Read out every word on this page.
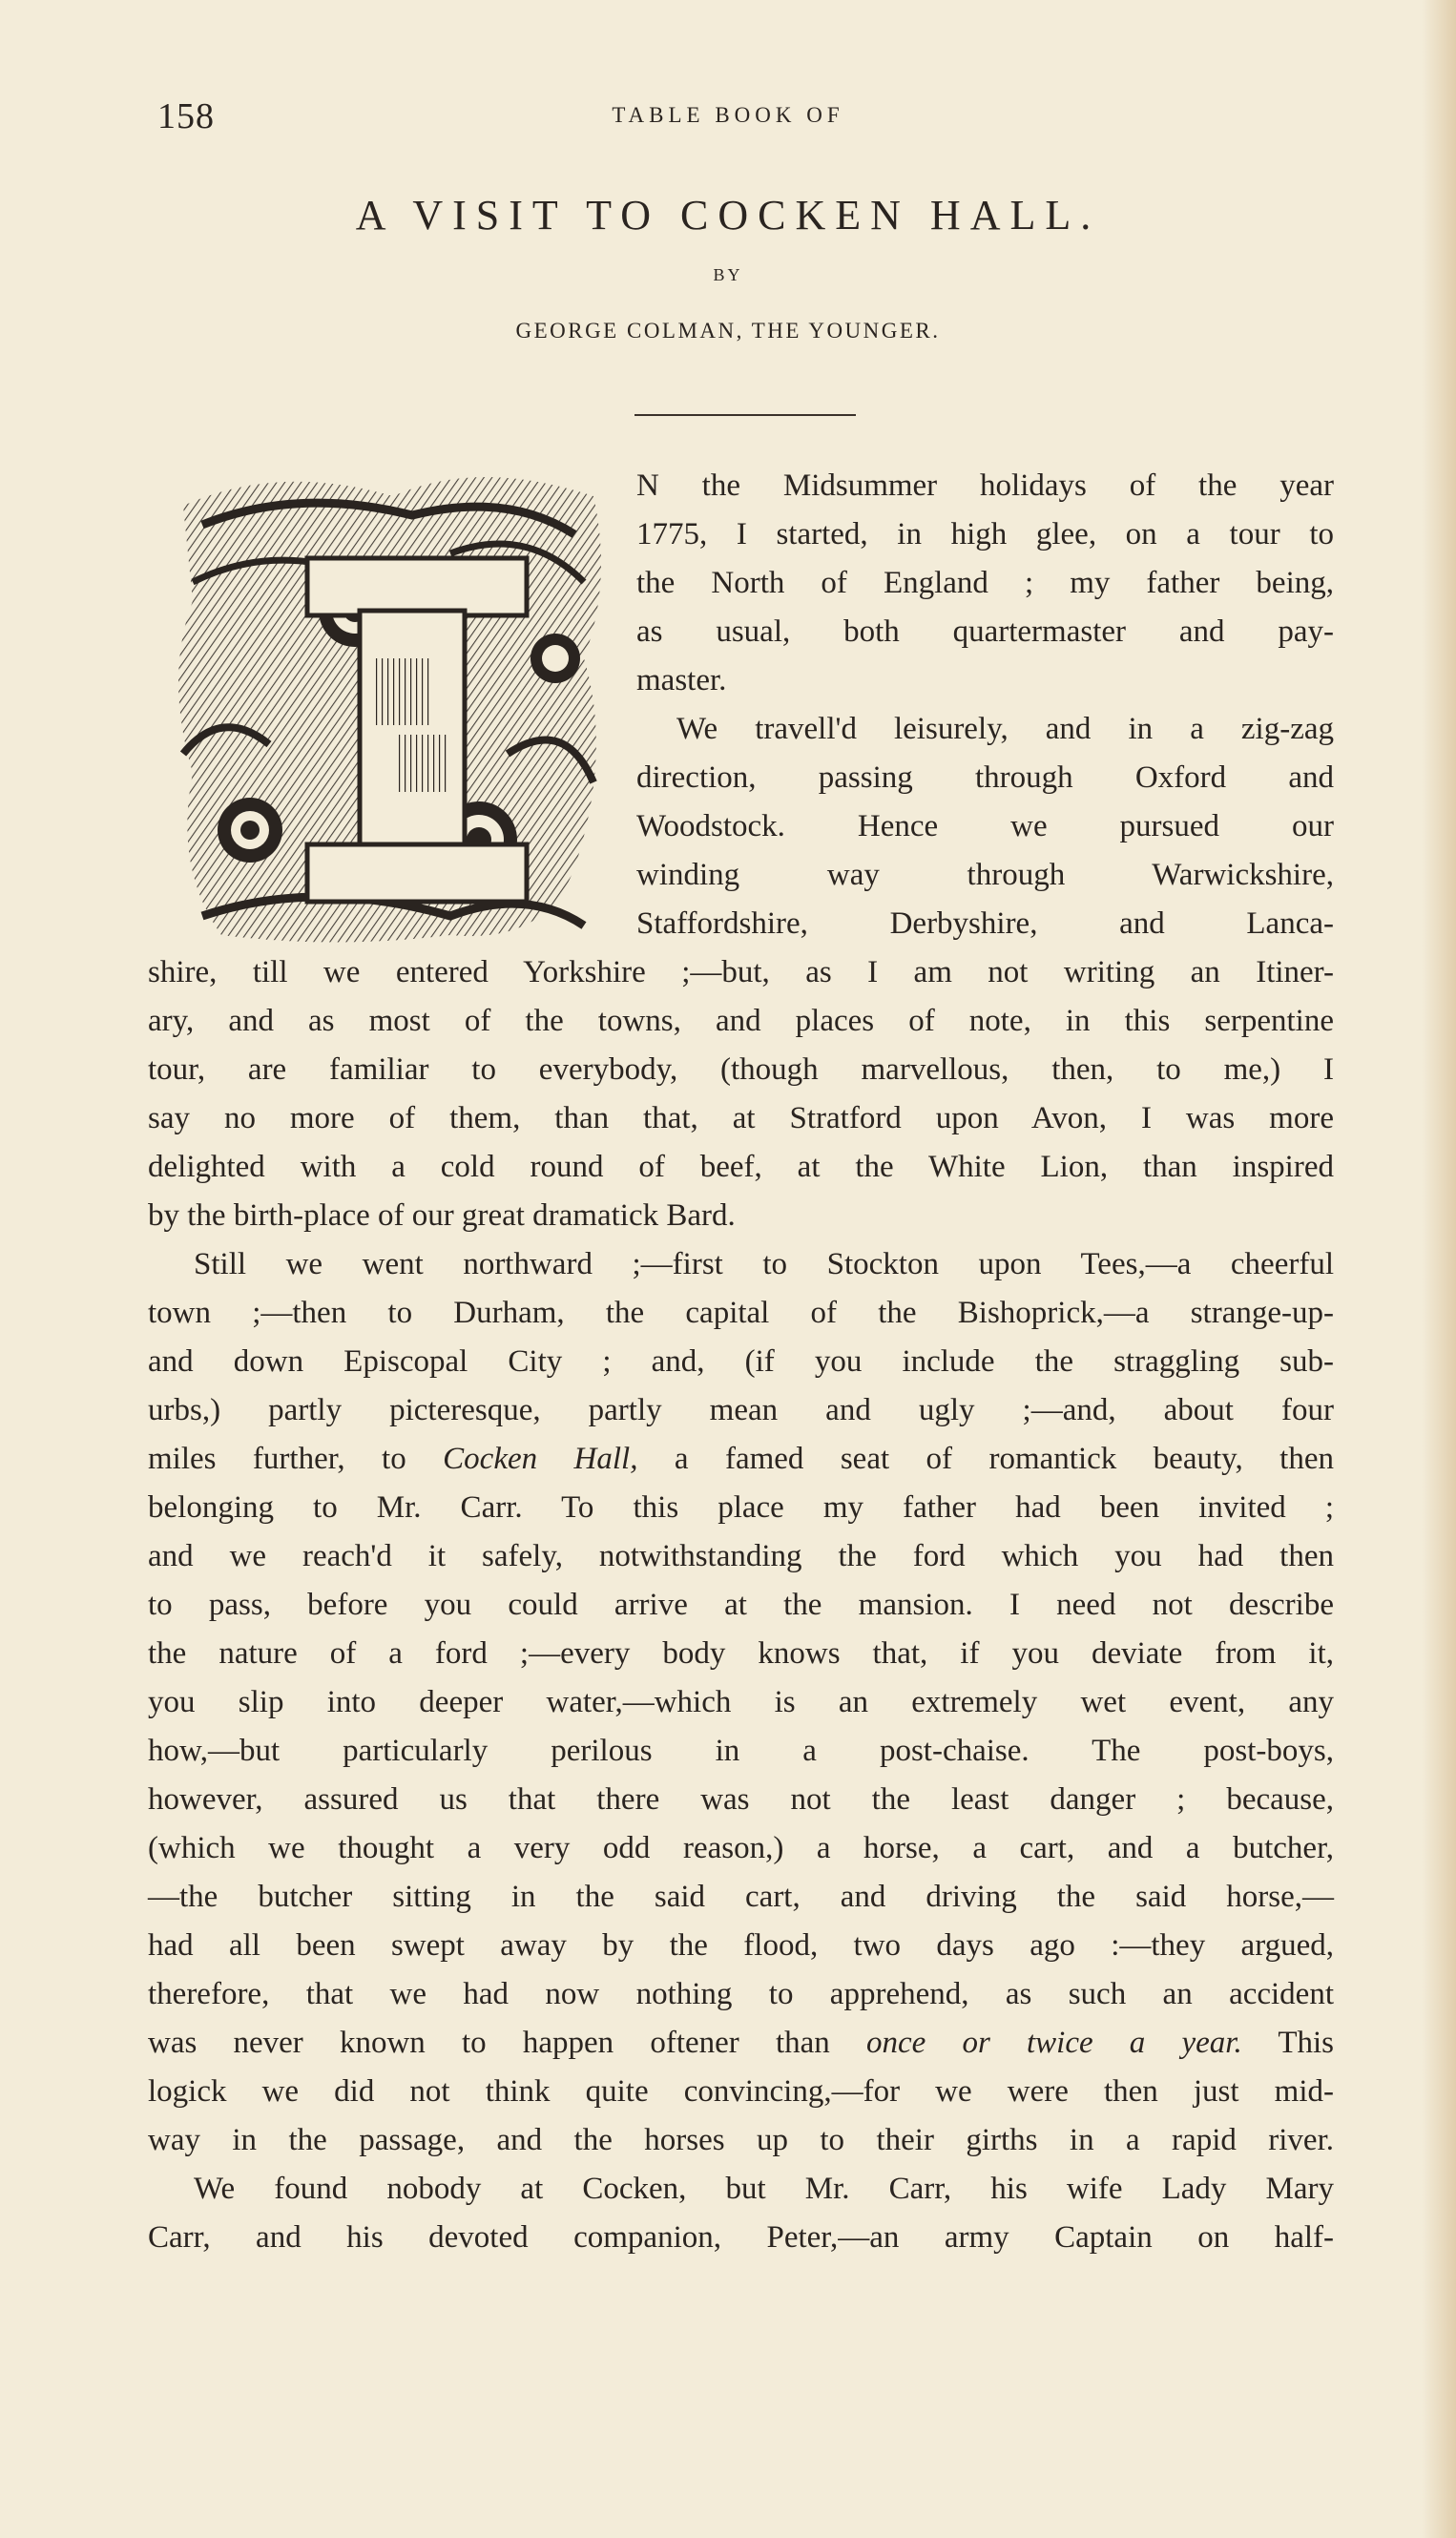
158	TABLE BOOK OF
A VISIT TO COCKEN HALL.
BY
GEORGE COLMAN, THE YOUNGER.
N the Midsummer holidays of the year
1775, I started, in high glee, on a tour to
the North of England ; my father being,
as usual, both quartermaster and pay-
master.
We travell'd leisurely, and in a zig-zag
direction, passing through Oxford and
Woodstock. Hence we pursued our
winding way through Warwickshire,
Staffordshire, Derbyshire, and Lanca-
shire, till we entered Yorkshire ;—but, as I am not writing an Itiner-
ary, and as most of the towns, and places of note, in this serpentine
tour, are familiar to everybody, (though marvellous, then, to me,) I
say no more of them, than that, at Stratford upon Avon, I was more
delighted with a cold round of beef, at the White Lion, than inspired
by the birth-place of our great dramatick Bard.
Still we went northward ;—first to Stockton upon Tees,—a cheerful
town ;—then to Durham, the capital of the Bishoprick,—a strange-up-
and down Episcopal City ; and, (if you include the straggling sub-
urbs,) partly picteresque, partly mean and ugly ;—and, about four
miles further, to Cocken Hall, a famed seat of romantick beauty, then
belonging to Mr. Carr. To this place my father had been invited ;
and we reach'd it safely, notwithstanding the ford which you had then
to pass, before you could arrive at the mansion. I need not describe
the nature of a ford ;—every body knows that, if you deviate from it,
you slip into deeper water,—which is an extremely wet event, any
how,—but particularly perilous in a post-chaise. The post-boys,
however, assured us that there was not the least danger ; because,
(which we thought a very odd reason,) a horse, a cart, and a butcher,
—the butcher sitting in the said cart, and driving the said horse,—
had all been swept away by the flood, two days ago :—they argued,
therefore, that we had now nothing to apprehend, as such an accident
was never known to happen oftener than once or twice a year. This
logick we did not think quite convincing,—for we were then just mid-
way in the passage, and the horses up to their girths in a rapid river.
We found nobody at Cocken, but Mr. Carr, his wife Lady Mary
Carr, and his devoted companion, Peter,—an army Captain on half-
